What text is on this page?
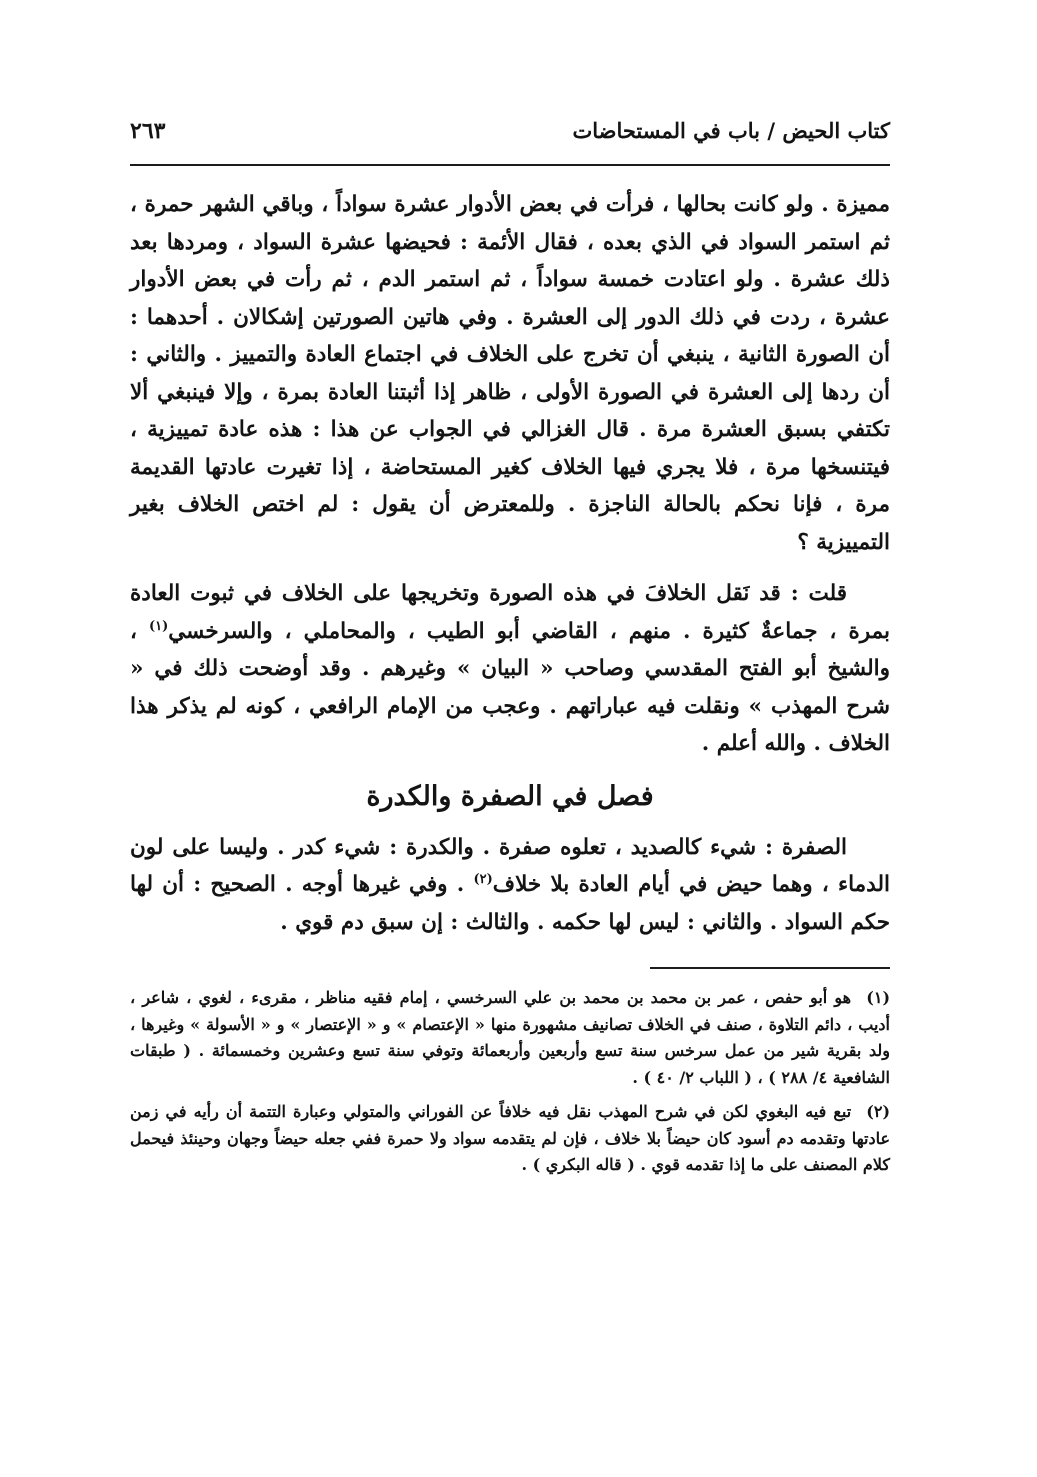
كتاب الحيض / باب في المستحاضات
٢٦٣

مميزة . ولو كانت بحالها ، فرأت في بعض الأدوار عشرة سواداً ، وباقي الشهر حمرة ، ثم استمر السواد في الذي بعده ، فقال الأئمة : فحيضها عشرة السواد ، ومردها بعد ذلك عشرة . ولو اعتادت خمسة سواداً ، ثم استمر الدم ، ثم رأت في بعض الأدوار عشرة ، ردت في ذلك الدور إلى العشرة . وفي هاتين الصورتين إشكالان . أحدهما : أن الصورة الثانية ، ينبغي أن تخرج على الخلاف في اجتماع العادة والتمييز . والثاني : أن ردها إلى العشرة في الصورة الأولى ، ظاهر إذا أثبتنا العادة بمرة ، وإلا فينبغي ألا تكتفي بسبق العشرة مرة . قال الغزالي في الجواب عن هذا : هذه عادة تمييزية ، فيتنسخها مرة ، فلا يجري فيها الخلاف كغير المستحاضة ، إذا تغيرت عادتها القديمة مرة ، فإنا نحكم بالحالة الناجزة . وللمعترض أن يقول : لم اختص الخلاف بغير التمييزية ؟

قلت : قد نَقل الخلافَ في هذه الصورة وتخريجها على الخلاف في ثبوت العادة بمرة ، جماعةٌ كثيرة . منهم ، القاضي أبو الطيب ، والمحاملي ، والسرخسي$^{(١)}$ ، والشيخ أبو الفتح المقدسي وصاحب « البيان » وغيرهم . وقد أوضحت ذلك في « شرح المهذب » ونقلت فيه عباراتهم . وعجب من الإمام الرافعي ، كونه لم يذكر هذا الخلاف . والله أعلم .

فصل في الصفرة والكدرة

الصفرة : شيء كالصديد ، تعلوه صفرة . والكدرة : شيء كدر . وليسا على لون الدماء ، وهما حيض في أيام العادة بلا خلاف$^{(٢)}$ . وفي غيرها أوجه . الصحيح : أن لها حكم السواد . والثاني : ليس لها حكمه . والثالث : إن سبق دم قوي .

(١) هو أبو حفص ، عمر بن محمد بن محمد بن علي السرخسي ، إمام فقيه مناظر ، مقرىء ، لغوي ، شاعر ، أديب ، دائم التلاوة ، صنف في الخلاف تصانيف مشهورة منها « الإعتصام » و « الإعتصار » و « الأسولة » وغيرها ، ولد بقرية شير من عمل سرخس سنة تسع وأربعين وأربعمائة وتوفي سنة تسع وعشرين وخمسمائة . ( طبقات الشافعية ٤/ ٢٨٨ ) ، ( اللباب ٢/ ٤٠ ) .

(٢) تبع فيه البغوي لكن في شرح المهذب نقل فيه خلافاً عن الفوراني والمتولي وعبارة التتمة أن رأيه في زمن عادتها وتقدمه دم أسود كان حيضاً بلا خلاف ، فإن لم يتقدمه سواد ولا حمرة ففي جعله حيضاً وجهان وحينئذ فيحمل كلام المصنف على ما إذا تقدمه قوي . ( قاله البكري ) .
